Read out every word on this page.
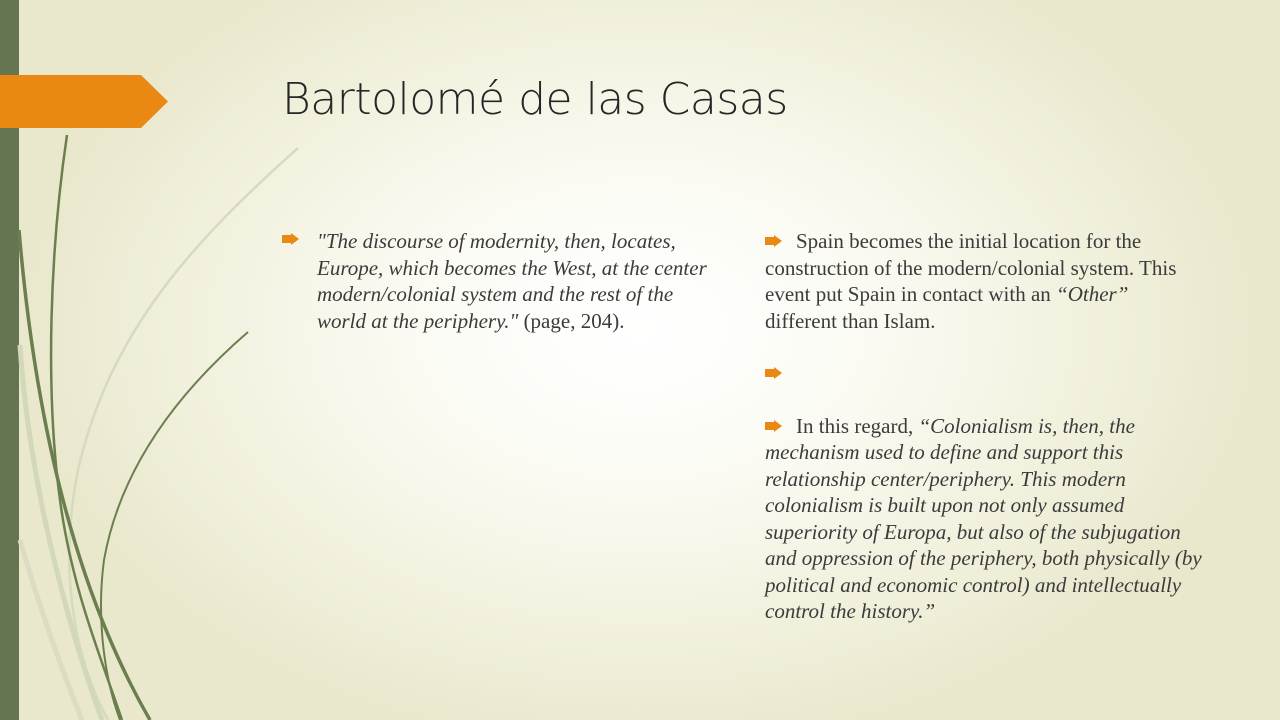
Bartolomé de las Casas

"The discourse of modernity, then, locates, Europe, which becomes the West, at the center modern/colonial system and the rest of the world at the periphery." (page, 204).

Spain becomes the initial location for the construction of the modern/colonial system. This event put Spain in contact with an “Other” different than Islam.

In this regard, “Colonialism is, then, the mechanism used to define and support this relationship center/periphery. This modern colonialism is built upon not only assumed superiority of Europa, but also of the subjugation and oppression of the periphery, both physically (by political and economic control) and intellectually control the history.”
